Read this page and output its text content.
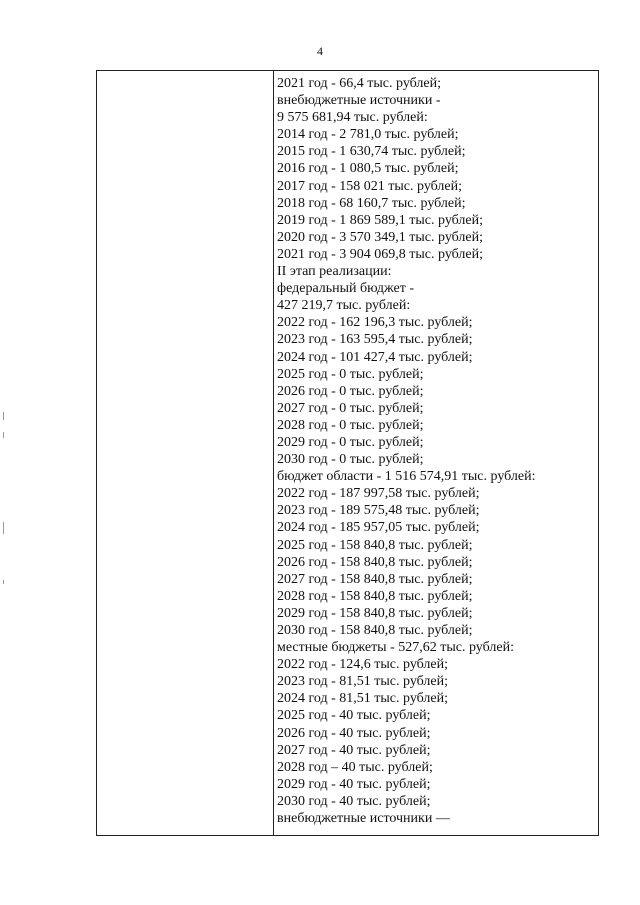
4
2021 год - 66,4 тыс. рублей;
внебюджетные источники -
9 575 681,94 тыс. рублей:
2014 год - 2 781,0 тыс. рублей;
2015 год - 1 630,74 тыс. рублей;
2016 год - 1 080,5 тыс. рублей;
2017 год - 158 021 тыс. рублей;
2018 год - 68 160,7 тыс. рублей;
2019 год - 1 869 589,1 тыс. рублей;
2020 год - 3 570 349,1 тыс. рублей;
2021 год - 3 904 069,8 тыс. рублей;
II этап реализации:
федеральный бюджет -
427 219,7 тыс. рублей:
2022 год - 162 196,3 тыс. рублей;
2023 год - 163 595,4 тыс. рублей;
2024 год - 101 427,4 тыс. рублей;
2025 год - 0 тыс. рублей;
2026 год - 0 тыс. рублей;
2027 год - 0 тыс. рублей;
2028 год - 0 тыс. рублей;
2029 год - 0 тыс. рублей;
2030 год - 0 тыс. рублей;
бюджет области - 1 516 574,91 тыс. рублей:
2022 год - 187 997,58 тыс. рублей;
2023 год - 189 575,48 тыс. рублей;
2024 год - 185 957,05 тыс. рублей;
2025 год - 158 840,8 тыс. рублей;
2026 год - 158 840,8 тыс. рублей;
2027 год - 158 840,8 тыс. рублей;
2028 год - 158 840,8 тыс. рублей;
2029 год - 158 840,8 тыс. рублей;
2030 год - 158 840,8 тыс. рублей;
местные бюджеты - 527,62 тыс. рублей:
2022 год - 124,6 тыс. рублей;
2023 год - 81,51 тыс. рублей;
2024 год - 81,51 тыс. рублей;
2025 год - 40 тыс. рублей;
2026 год - 40 тыс. рублей;
2027 год - 40 тыс. рублей;
2028 год – 40 тыс. рублей;
2029 год - 40 тыс. рублей;
2030 год - 40 тыс. рублей;
внебюджетные источники —
